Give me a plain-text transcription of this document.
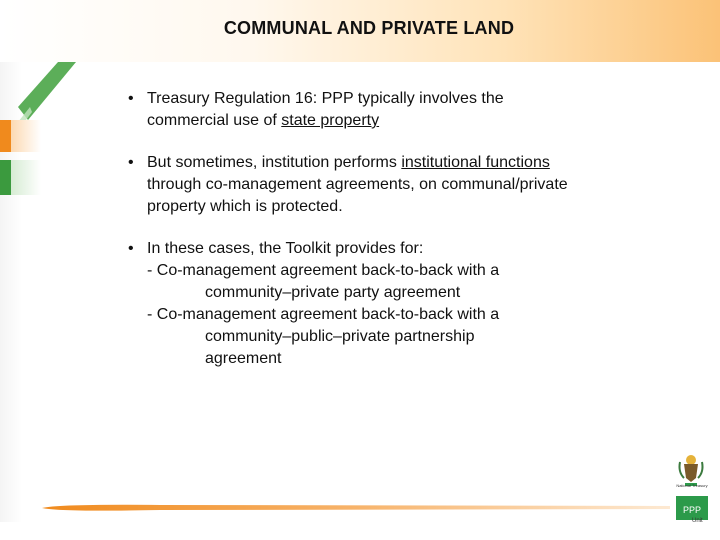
COMMUNAL AND PRIVATE LAND
• Treasury Regulation 16: PPP typically involves the
commercial use of state property
• But sometimes, institution performs institutional functions
through co-management agreements, on communal/private
property which is protected.
• In these cases, the Toolkit provides for:
- Co-management agreement back-to-back with a
community–private party agreement
- Co-management agreement back-to-back with a
community–public–private partnership
agreement
National Treasury
PPP
Unit
